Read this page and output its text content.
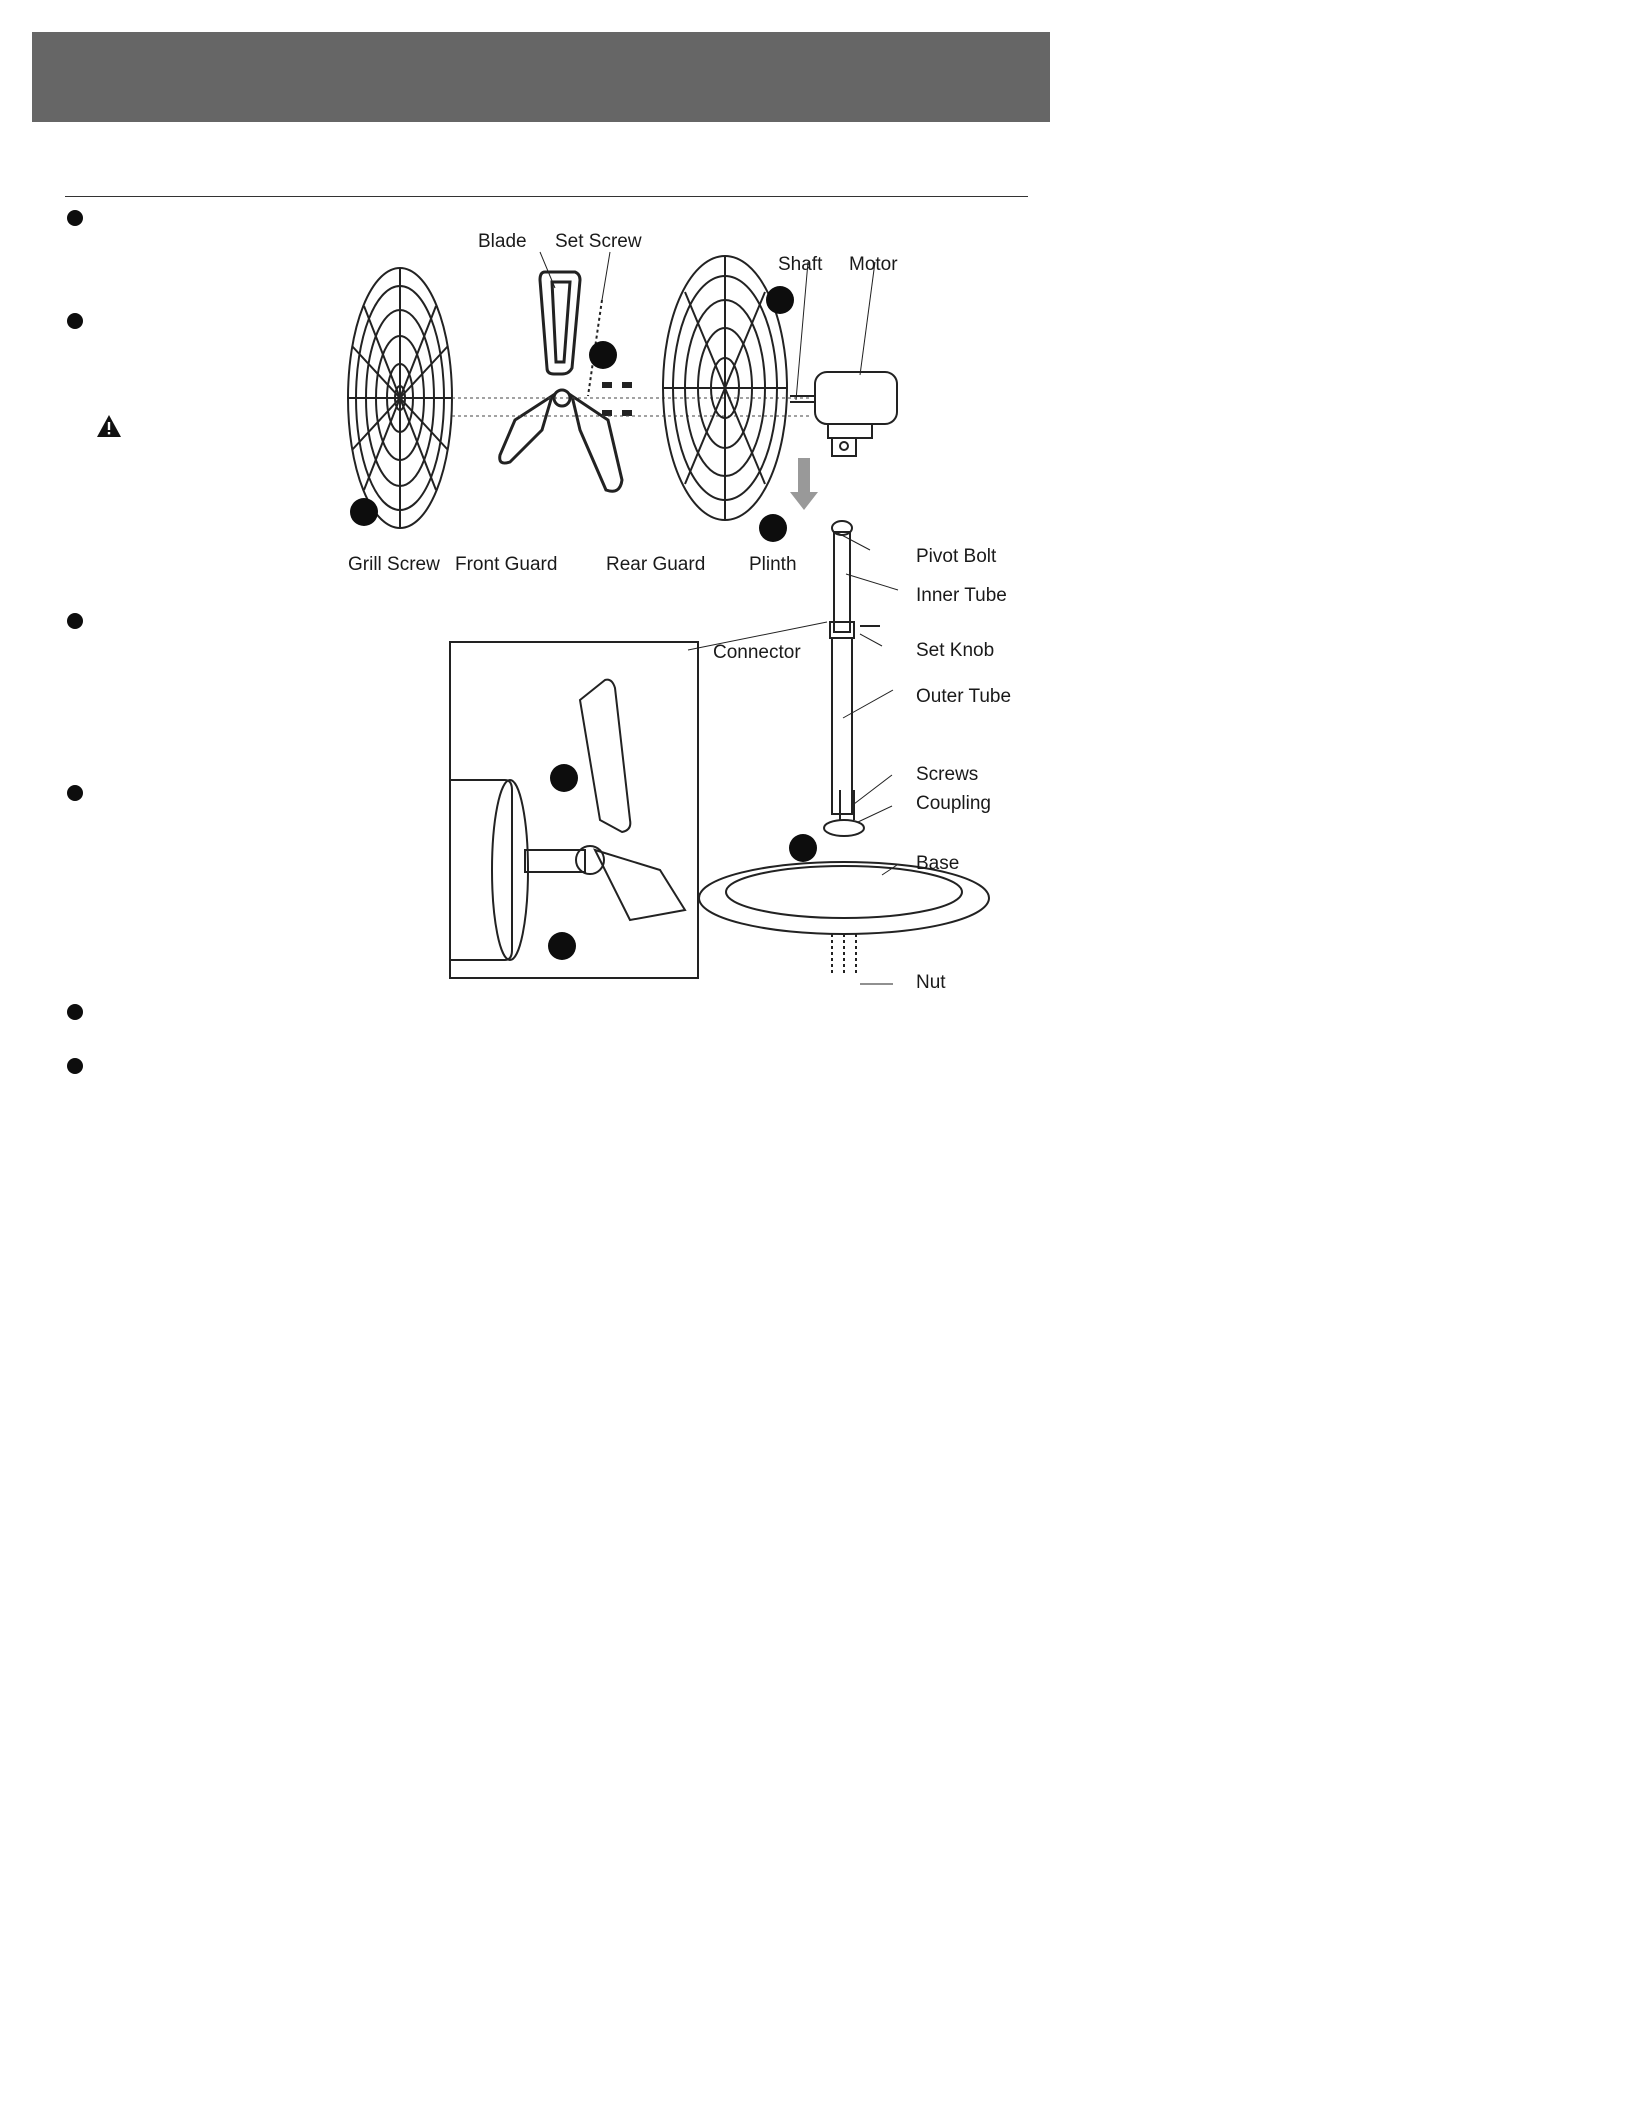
Blade Set Screw
Shaft Motor
Grill Screw Front Guard	Rear Guard Plinth	Pivot Bolt
Inner Tube
Connector	Set Knob
Outer Tube
Screws
Coupling
Base
Nut
